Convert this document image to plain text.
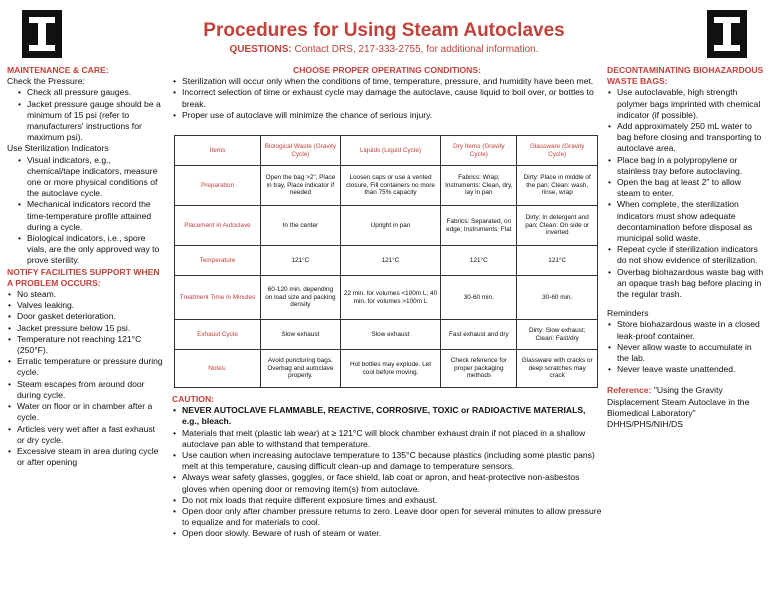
Procedures for Using Steam Autoclaves
QUESTIONS: Contact DRS, 217-333-2755, for additional information.
MAINTENANCE & CARE:
Check the Pressure:
• Check all pressure gauges.
• Jacket pressure gauge should be a minimum of 15 psi (refer to manufacturers' instructions for maximum psi).
Use Sterilization Indicators
• Visual indicators, e.g., chemical/tape indicators, measure one or more physical conditions of the autoclave cycle.
• Mechanical indicators record the time-temperature profile attained during a cycle.
• Biological indicators, i.e., spore vials, are the only approved way to prove sterility.
NOTIFY FACILITIES SUPPORT WHEN A PROBLEM OCCURS:
• No steam.
• Valves leaking.
• Door gasket deterioration.
• Jacket pressure below 15 psi.
• Temperature not reaching 121°C (250°F).
• Erratic temperature or pressure during cycle.
• Steam escapes from around door during cycle.
• Water on floor or in chamber after a cycle.
• Articles very wet after a fast exhaust or dry cycle.
• Excessive steam in area during cycle or after opening
CHOOSE PROPER OPERATING CONDITIONS:
• Sterilization will occur only when the conditions of time, temperature, pressure, and humidity have been met.
• Incorrect selection of time or exhaust cycle may damage the autoclave, cause liquid to boil over, or bottles to break.
• Proper use of autoclave will minimize the chance of serious injury.
Items	Biological Waste (Gravity Cycle)	Liquids (Liquid Cycle)	Dry Items (Gravity Cycle)	Glassware (Gravity Cycle)
Preparation	Open the bag >2", Place in tray, Place indicator if needed	Loosen caps or use a vented closure, Fill containers no more than 75% capacity	Fabrics: Wrap; Instruments: Clean, dry, lay in pan	Dirty: Place in middle of the pan; Clean: wash, rinse, wrap
Placement in Autoclave	In the center	Upright in pan	Fabrics: Separated, on edge; Instruments: Flat	Dirty: In detergent and pan; Clean: On side or inverted
Temperature	121°C	121°C	121°C	121°C
Treatment Time in Minutes	60-120 min. depending on load size and packing density	22 min. for volumes <100m L; 40 min. for volumes >100m L	30-60 min.	30-60 min.
Exhaust Cycle	Slow exhaust	Slow exhaust	Fast exhaust and dry	Dirty: Slow exhaust; Clean: Fast/dry
Notes:	Avoid puncturing bags. Overbag and autoclave properly.	Hot bottles may explode. Let cool before moving.	Check reference for proper packaging methods	Glassware with cracks or deep scratches may crack
CAUTION:
• NEVER AUTOCLAVE FLAMMABLE, REACTIVE, CORROSIVE, TOXIC or RADIOACTIVE MATERIALS, e.g., bleach.
• Materials that melt (plastic lab wear) at ≥ 121°C will block chamber exhaust drain if not placed in a shallow autoclave pan able to withstand that temperature.
• Use caution when increasing autoclave temperature to 135°C because plastics (including some plastic pans) melt at this temperature, causing difficult clean-up and damage to temperature sensors.
• Always wear safety glasses, goggles, or face shield, lab coat or apron, and heat-protective non-asbestos gloves when opening door or removing item(s) from autoclave.
• Do not mix loads that require different exposure times and exhaust.
• Open door only after chamber pressure returns to zero. Leave door open for several minutes to allow pressure to equalize and for materials to cool.
• Open door slowly. Beware of rush of steam or water.
DECONTAMINATING BIOHAZARDOUS WASTE BAGS:
• Use autoclavable, high strength polymer bags imprinted with chemical indicator (if possible).
• Add approximately 250 mL water to bag before closing and transporting to autoclave area.
• Place bag in a polypropylene or stainless tray before autoclaving.
• Open the bag at least 2" to allow steam to enter.
• When complete, the sterilization indicators must show adequate decontamination before disposal as municipal solid waste.
• Repeat cycle if sterilization indicators do not show evidence of sterilization.
• Overbag biohazardous waste bag with an opaque trash bag before placing in the regular trash.
Reminders
• Store biohazardous waste in a closed leak-proof container.
• Never allow waste to accumulate in the lab.
• Never leave waste unattended.
Reference: "Using the Gravity Displacement Steam Autoclave in the Biomedical Laboratory" DHHS/PHS/NIH/DS
